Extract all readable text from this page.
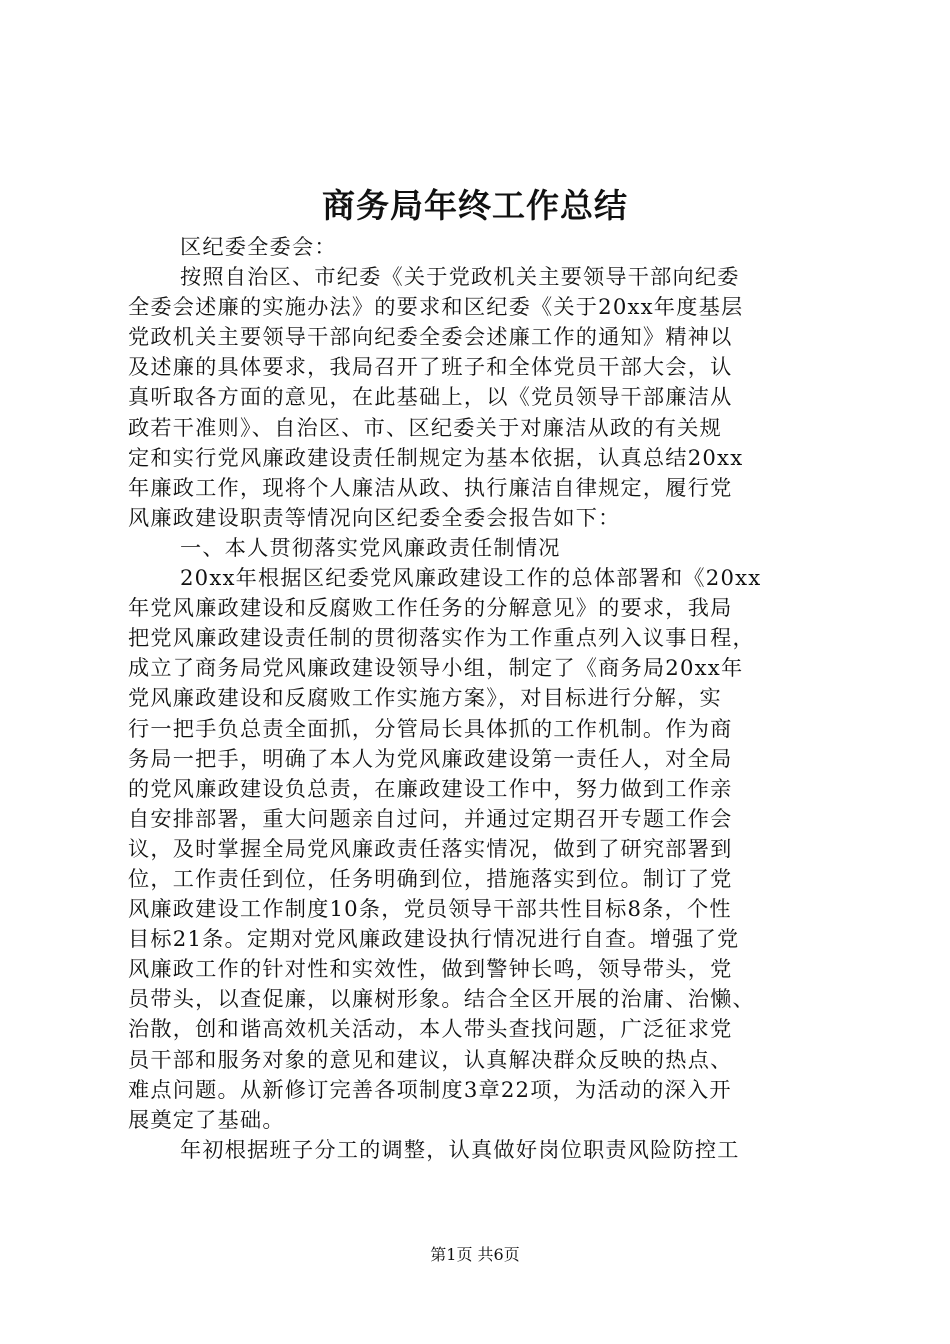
商务局年终工作总结
区纪委全委会：
按照自治区、市纪委《关于党政机关主要领导干部向纪委
全委会述廉的实施办法》的要求和区纪委《关于20xx年度基层
党政机关主要领导干部向纪委全委会述廉工作的通知》精神以
及述廉的具体要求，我局召开了班子和全体党员干部大会，认
真听取各方面的意见，在此基础上，以《党员领导干部廉洁从
政若干准则》、自治区、市、区纪委关于对廉洁从政的有关规
定和实行党风廉政建设责任制规定为基本依据，认真总结20xx
年廉政工作，现将个人廉洁从政、执行廉洁自律规定，履行党
风廉政建设职责等情况向区纪委全委会报告如下：
一、本人贯彻落实党风廉政责任制情况
20xx年根据区纪委党风廉政建设工作的总体部署和《20xx
年党风廉政建设和反腐败工作任务的分解意见》的要求，我局
把党风廉政建设责任制的贯彻落实作为工作重点列入议事日程，
成立了商务局党风廉政建设领导小组，制定了《商务局20xx年
党风廉政建设和反腐败工作实施方案》，对目标进行分解，实
行一把手负总责全面抓，分管局长具体抓的工作机制。作为商
务局一把手，明确了本人为党风廉政建设第一责任人，对全局
的党风廉政建设负总责，在廉政建设工作中，努力做到工作亲
自安排部署，重大问题亲自过问，并通过定期召开专题工作会
议，及时掌握全局党风廉政责任落实情况，做到了研究部署到
位，工作责任到位，任务明确到位，措施落实到位。制订了党
风廉政建设工作制度10条，党员领导干部共性目标8条，个性
目标21条。定期对党风廉政建设执行情况进行自查。增强了党
风廉政工作的针对性和实效性，做到警钟长鸣，领导带头，党
员带头，以查促廉，以廉树形象。结合全区开展的治庸、治懒、
治散，创和谐高效机关活动，本人带头查找问题，广泛征求党
员干部和服务对象的意见和建议，认真解决群众反映的热点、
难点问题。从新修订完善各项制度3章22项，为活动的深入开
展奠定了基础。
年初根据班子分工的调整，认真做好岗位职责风险防控工
第1页 共6页
